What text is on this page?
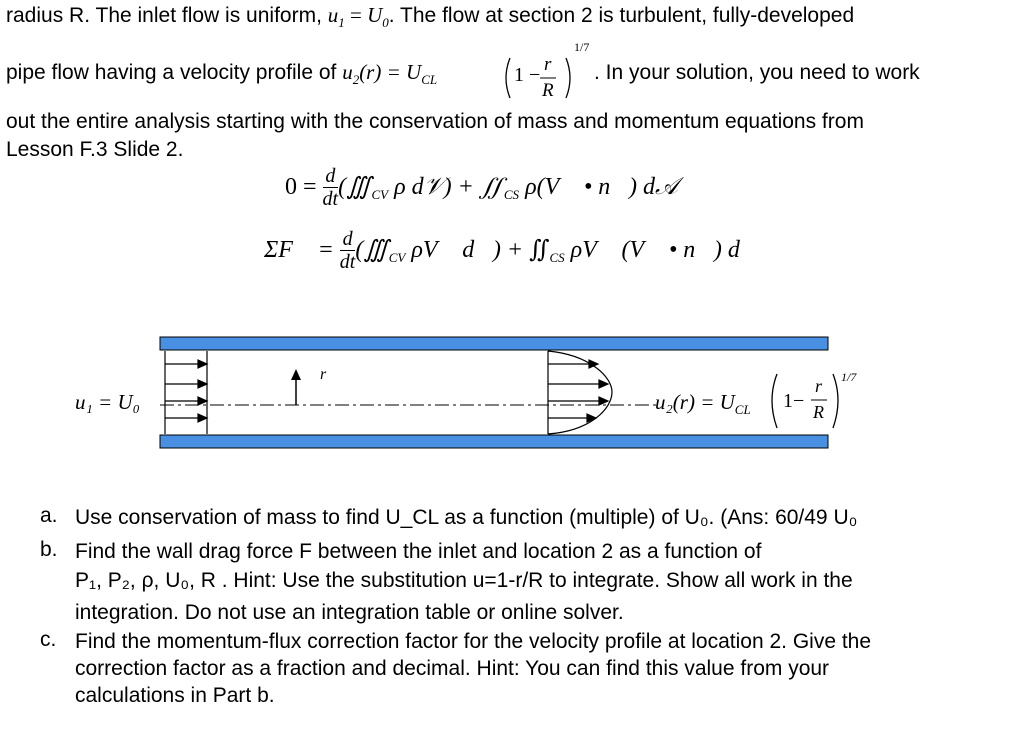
radius R. The inlet flow is uniform, $u_1 = U_0$. The flow at section 2 is turbulent, fully-developed
pipe flow having a velocity profile of $u_2(r) = U_{CL}$	1 − r
R
1/7
. In your solution, you need to work
out the entire analysis starting with the conservation of mass and momentum equations from
Lesson F.3 Slide 2.
$0 = \frac{d}{dt}$ ($∭_{CV}$ ρ d𝒱) + $∬_{CS}$ ρ(V⃗ • n⃗) d𝒜
ΣF⃗ = $\frac{d}{dt}$ ($∭_{CV}$ ρV⃗ d𝒱) + $∬_{CS}$ ρV⃗ (V⃗ • n⃗) d𝒜
r
u₁ = U₀	$u_2(r) = U_{CL}$ 1−
r
R
1/7
a. Use conservation of mass to find U_CL as a function (multiple) of U₀. (Ans: 60/49 U₀
b. Find the wall drag force F between the inlet and location 2 as a function of
P₁, P₂, ρ, U₀, R . Hint: Use the substitution u=1-r/R to integrate. Show all work in the
integration. Do not use an integration table or online solver.
c. Find the momentum-flux correction factor for the velocity profile at location 2. Give the
correction factor as a fraction and decimal. Hint: You can find this value from your
calculations in Part b.
